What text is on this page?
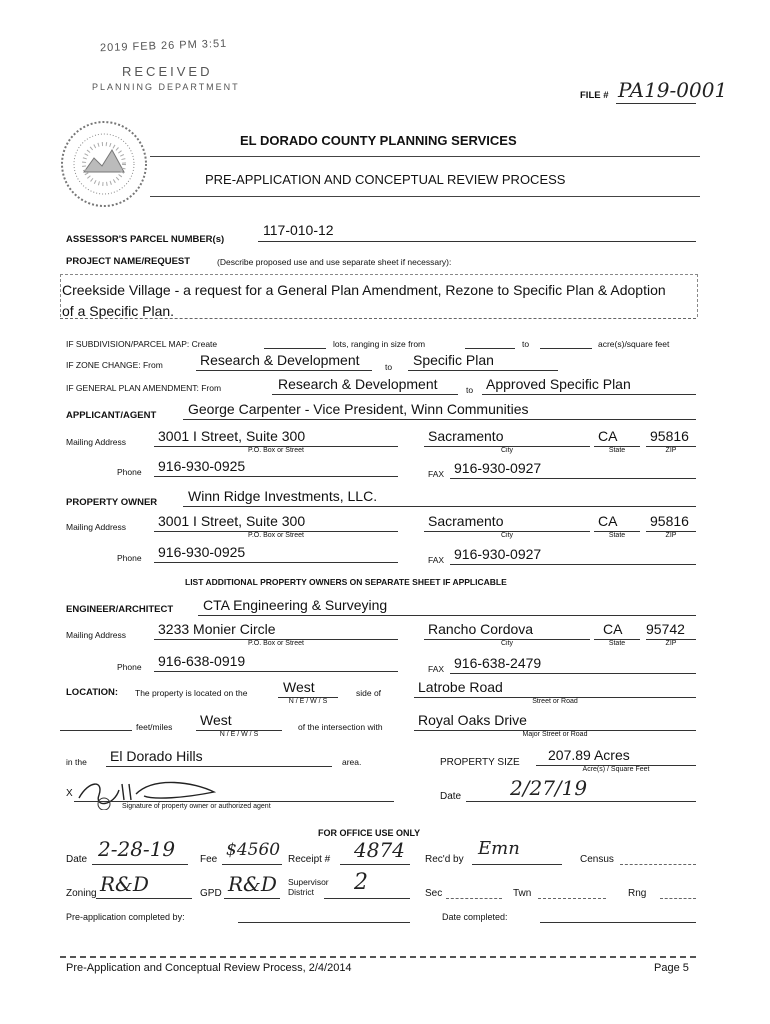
2019 FEB 26 PM 3:51
RECEIVED
PLANNING DEPARTMENT
FILE # PA19-0001
EL DORADO COUNTY PLANNING SERVICES
PRE-APPLICATION AND CONCEPTUAL REVIEW PROCESS
ASSESSOR'S PARCEL NUMBER(s)
117-010-12
PROJECT NAME/REQUEST	(Describe proposed use and use separate sheet if necessary):
Creekside Village - a request for a General Plan Amendment, Rezone to Specific Plan & Adoption
of a Specific Plan.
IF SUBDIVISION/PARCEL MAP: Create	lots, ranging in size from	to	acre(s)/square feet
IF ZONE CHANGE: From	Research & Development	to Specific Plan
IF GENERAL PLAN AMENDMENT: From	Research & Development	to Approved Specific Plan
APPLICANT/AGENT George Carpenter - Vice President, Winn Communities
Mailing Address 3001 I Street, Suite 300
P.O. Box or Street
Sacramento
City
CA
State
95816
ZIP
Phone 916-930-0925	FAX 916-930-0927
PROPERTY OWNER Winn Ridge Investments, LLC.
Mailing Address 3001 I Street, Suite 300
P.O. Box or Street
Sacramento
City
CA
State
95816
ZIP
Phone 916-930-0925	FAX 916-930-0927
LIST ADDITIONAL PROPERTY OWNERS ON SEPARATE SHEET IF APPLICABLE
ENGINEER/ARCHITECT CTA Engineering & Surveying
Mailing Address 3233 Monier Circle
P.O. Box or Street
Rancho Cordova
City
CA
State
95742
ZIP
Phone 916-638-0919	FAX 916-638-2479
LOCATION: The property is located on the	West
N / E / W / S
side of	Latrobe Road
Street or Road
feet/miles West
N / E / W / S
of the intersection with	Royal Oaks Drive
Major Street or Road
in the El Dorado Hills	area.	PROPERTY SIZE 207.89 Acres
Acre(s) / Square Feet
X
Signature of property owner or authorized agent
Date 2/27/19
FOR OFFICE USE ONLY
Date 2-28-19 Fee $4560 Receipt # 4874 Rec'd by
Emn
Census
Zoning R&D	GPD R&D Supervisor
District 2	Sec	Twn	Rng
Pre-application completed by:	Date completed:
Pre-Application and Conceptual Review Process, 2/4/2014	Page 5
